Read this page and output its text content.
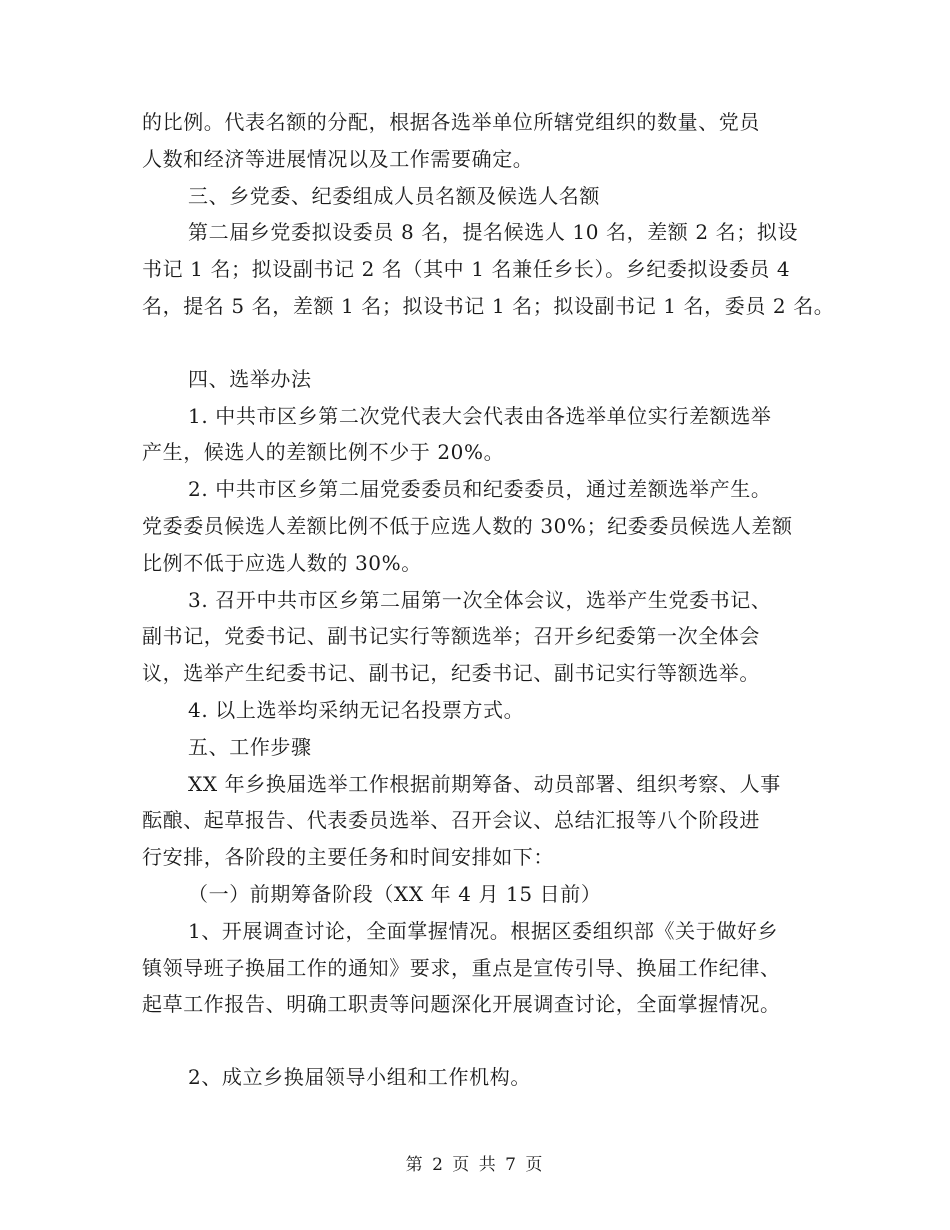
的比例。代表名额的分配，根据各选举单位所辖党组织的数量、党员
人数和经济等进展情况以及工作需要确定。
三、乡党委、纪委组成人员名额及候选人名额
第二届乡党委拟设委员 8 名，提名候选人 10 名，差额 2 名；拟设
书记 1 名；拟设副书记 2 名（其中 1 名兼任乡长）。乡纪委拟设委员 4
名，提名 5 名，差额 1 名；拟设书记 1 名；拟设副书记 1 名，委员 2 名。
四、选举办法
1. 中共市区乡第二次党代表大会代表由各选举单位实行差额选举
产生，候选人的差额比例不少于 20%。
2. 中共市区乡第二届党委委员和纪委委员，通过差额选举产生。
党委委员候选人差额比例不低于应选人数的 30%；纪委委员候选人差额
比例不低于应选人数的 30%。
3. 召开中共市区乡第二届第一次全体会议，选举产生党委书记、
副书记，党委书记、副书记实行等额选举；召开乡纪委第一次全体会
议，选举产生纪委书记、副书记，纪委书记、副书记实行等额选举。
4. 以上选举均采纳无记名投票方式。
五、工作步骤
XX 年乡换届选举工作根据前期筹备、动员部署、组织考察、人事
酝酿、起草报告、代表委员选举、召开会议、总结汇报等八个阶段进
行安排，各阶段的主要任务和时间安排如下：
（一）前期筹备阶段（XX 年 4 月 15 日前）
1、开展调查讨论，全面掌握情况。根据区委组织部《关于做好乡
镇领导班子换届工作的通知》要求，重点是宣传引导、换届工作纪律、
起草工作报告、明确工职责等问题深化开展调查讨论，全面掌握情况。
2、成立乡换届领导小组和工作机构。
第 2 页 共 7 页
